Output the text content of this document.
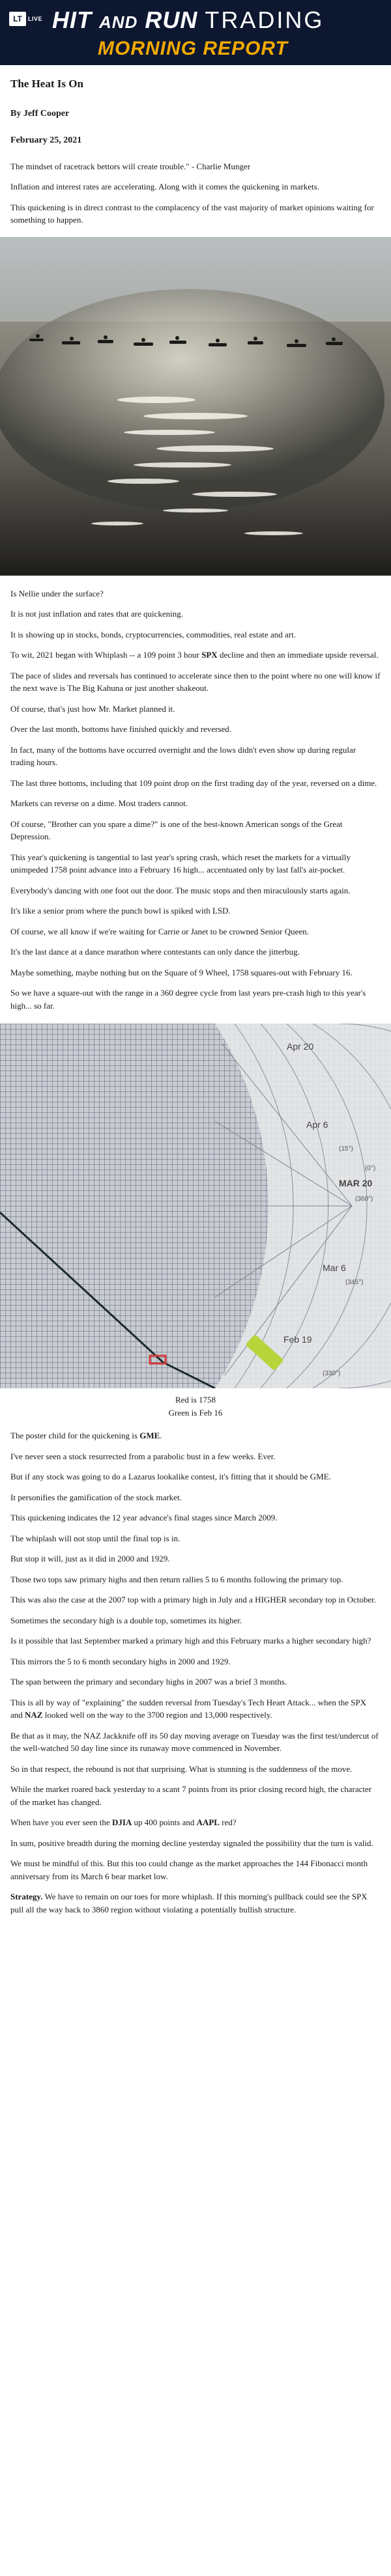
LT	LIVE HIT AND RUN TRADING
MORNING REPORT
The Heat Is On

By Jeff Cooper

February 25, 2021

The mindset of racetrack bettors will create trouble." - Charlie Munger

Inflation and interest rates are accelerating. Along with it comes the quickening in markets.

This quickening is in direct contrast to the complacency of the vast majority of market opinions waiting for something to happen.

Is Nellie under the surface?

It is not just inflation and rates that are quickening.

It is showing up in stocks, bonds, cryptocurrencies, commodities, real estate and art.

To wit, 2021 began with Whiplash -- a 109 point 3 hour SPX decline and then an immediate upside reversal.

The pace of slides and reversals has continued to accelerate since then to the point where no one will know if the next wave is The Big Kahuna or just another shakeout.

Of course, that's just how Mr. Market planned it.

Over the last month, bottoms have finished quickly and reversed.

In fact, many of the bottoms have occurred overnight and the lows didn't even show up during regular trading hours.

The last three bottoms, including that 109 point drop on the first trading day of the year, reversed on a dime.

Markets can reverse on a dime. Most traders cannot.

Of course, "Brother can you spare a dime?" is one of the best-known American songs of the Great Depression.

This year's quickening is tangential to last year's spring crash, which reset the markets for a virtually unimpeded 1758 point advance into a February 16 high... accentuated only by last fall's air-pocket.

Everybody's dancing with one foot out the door. The music stops and then miraculously starts again.

It's like a senior prom where the punch bowl is spiked with LSD.

Of course, we all know if we're waiting for Carrie or Janet to be crowned Senior Queen.

It's the last dance at a dance marathon where contestants can only dance the jitterbug.

Maybe something, maybe nothing but on the Square of 9 Wheel, 1758 squares-out with February 16.

So we have a square-out with the range in a 360 degree cycle from last years pre-crash high to this year's high... so far.

Apr 20
Apr 6
MAR 20
Mar 6
Feb 19
(15°)
(0°)
(360°)
(345°)
(330°)

Red is 1758

Green is Feb 16

The poster child for the quickening is GME.

I've never seen a stock resurrected from a parabolic bust in a few weeks. Ever.

But if any stock was going to do a Lazarus lookalike contest, it's fitting that it should be GME.

It personifies the gamification of the stock market.

This quickening indicates the 12 year advance's final stages since March 2009.

The whiplash will not stop until the final top is in.

But stop it will, just as it did in 2000 and 1929.

Those two tops saw primary highs and then return rallies 5 to 6 months following the primary top.

This was also the case at the 2007 top with a primary high in July and a HIGHER secondary top in October.

Sometimes the secondary high is a double top, sometimes its higher.

Is it possible that last September marked a primary high and this February marks a higher secondary high?

This mirrors the 5 to 6 month secondary highs in 2000 and 1929.

The span between the primary and secondary highs in 2007 was a brief 3 months.

This is all by way of "explaining" the sudden reversal from Tuesday's Tech Heart Attack... when the SPX and NAZ looked well on the way to the 3700 region and 13,000 respectively.

Be that as it may, the NAZ Jackknife off its 50 day moving average on Tuesday was the first test/undercut of the well-watched 50 day line since its runaway move commenced in November.

So in that respect, the rebound is not that surprising. What is stunning is the suddenness of the move.

While the market roared back yesterday to a scant 7 points from its prior closing record high, the character of the market has changed.

When have you ever seen the DJIA up 400 points and AAPL red?

In sum, positive breadth during the morning decline yesterday signaled the possibility that the turn is valid.

We must be mindful of this. But this too could change as the market approaches the 144 Fibonacci month anniversary from its March 6 bear market low.

Strategy. We have to remain on our toes for more whiplash. If this morning's pullback could see the SPX pull all the way back to 3860 region without violating a potentially bullish structure.
